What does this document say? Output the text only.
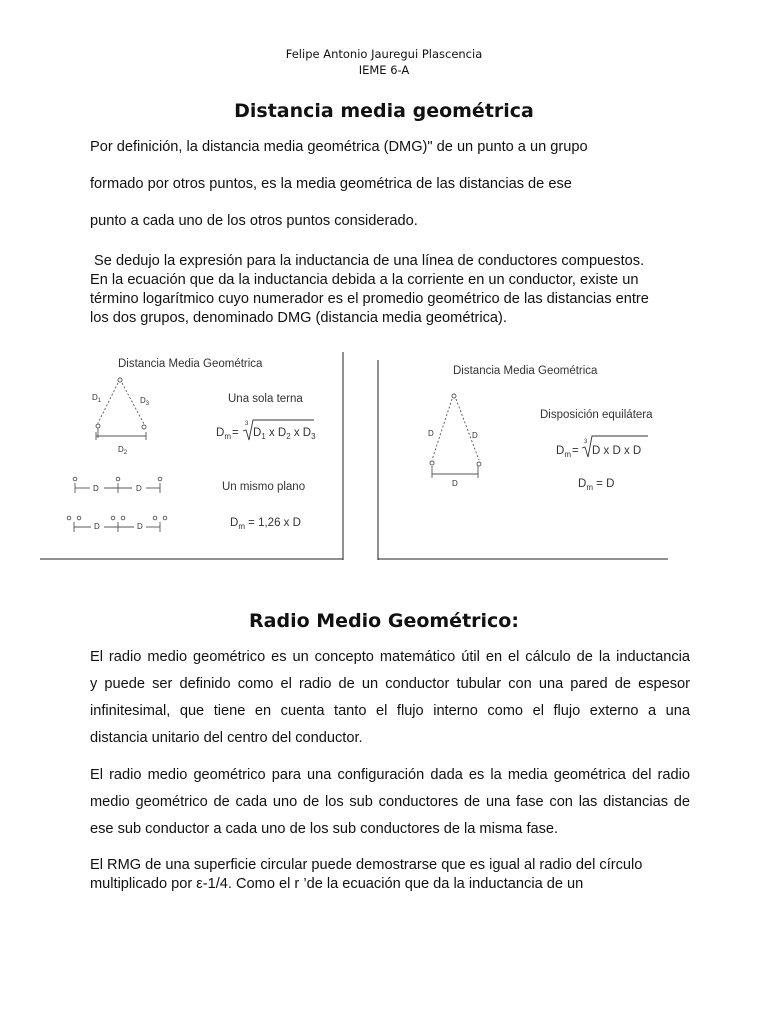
Felipe Antonio Jauregui Plascencia
IEME 6-A
Distancia media geométrica
Por definición, la distancia media geométrica (DMG)" de un punto a un grupo
formado por otros puntos, es la media geométrica de las distancias de ese
punto a cada uno de los otros puntos considerado.
Se dedujo la expresión para la inductancia de una línea de conductores compuestos.
En la ecuación que da la inductancia debida a la corriente en un conductor, existe un
término logarítmico cuyo numerador es el promedio geométrico de las distancias entre
los dos grupos, denominado DMG (distancia media geométrica).
Distancia Media Geométrica
$D_1$	$D_3$
$D_2$
Una sola terna
$D_m=$
3
$D_1$ x $D_2$ x $D_3$
D	D
D	D
Un mismo plano
$D_m = 1,26$ x D
Distancia Media Geométrica
D	D
D
Disposición equilátera
$D_m=$
3
D x D x D
$D_m = D$
Radio Medio Geométrico:
El radio medio geométrico es un concepto matemático útil en el cálculo de la inductancia
y puede ser definido como el radio de un conductor tubular con una pared de espesor
infinitesimal, que tiene en cuenta tanto el flujo interno como el flujo externo a una
distancia unitario del centro del conductor.
El radio medio geométrico para una configuración dada es la media geométrica del radio
medio geométrico de cada uno de los sub conductores de una fase con las distancias de
ese sub conductor a cada uno de los sub conductores de la misma fase.
El RMG de una superficie circular puede demostrarse que es igual al radio del círculo
multiplicado por ε-1/4. Como el r ’de la ecuación que da la inductancia de un
